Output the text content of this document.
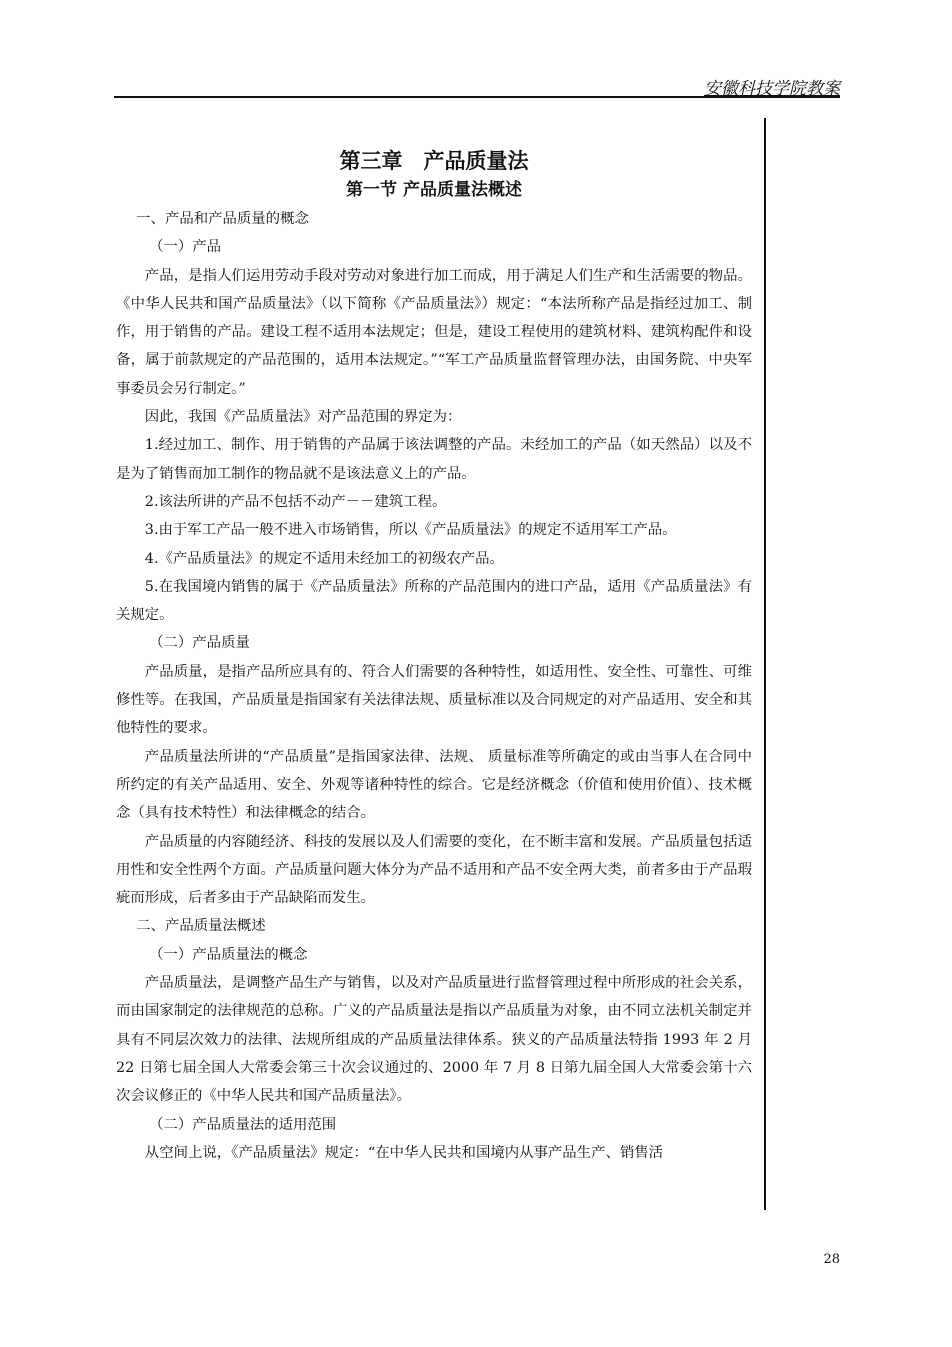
安徽科技学院教案
第三章　产品质量法
第一节 产品质量法概述

一、产品和产品质量的概念

（一）产品

产品，是指人们运用劳动手段对劳动对象进行加工而成，用于满足人们生产和生活需要的物品。《中华人民共和国产品质量法》（以下简称《产品质量法》）规定：“本法所称产品是指经过加工、制作，用于销售的产品。建设工程不适用本法规定；但是，建设工程使用的建筑材料、建筑构配件和设备，属于前款规定的产品范围的，适用本法规定。”“军工产品质量监督管理办法，由国务院、中央军事委员会另行制定。”

因此，我国《产品质量法》对产品范围的界定为：

1.经过加工、制作、用于销售的产品属于该法调整的产品。未经加工的产品（如天然品）以及不是为了销售而加工制作的物品就不是该法意义上的产品。

2.该法所讲的产品不包括不动产－－建筑工程。

3.由于军工产品一般不进入市场销售，所以《产品质量法》的规定不适用军工产品。

4.《产品质量法》的规定不适用未经加工的初级农产品。

5.在我国境内销售的属于《产品质量法》所称的产品范围内的进口产品，适用《产品质量法》有关规定。

（二）产品质量

产品质量，是指产品所应具有的、符合人们需要的各种特性，如适用性、安全性、可靠性、可维修性等。在我国，产品质量是指国家有关法律法规、质量标准以及合同规定的对产品适用、安全和其他特性的要求。

产品质量法所讲的“产品质量”是指国家法律、法规、 质量标准等所确定的或由当事人在合同中所约定的有关产品适用、安全、外观等诸种特性的综合。它是经济概念（价值和使用价值）、技术概念（具有技术特性）和法律概念的结合。

产品质量的内容随经济、科技的发展以及人们需要的变化，在不断丰富和发展。产品质量包括适用性和安全性两个方面。产品质量问题大体分为产品不适用和产品不安全两大类，前者多由于产品瑕疵而形成，后者多由于产品缺陷而发生。

二、产品质量法概述

（一）产品质量法的概念

产品质量法，是调整产品生产与销售，以及对产品质量进行监督管理过程中所形成的社会关系，而由国家制定的法律规范的总称。广义的产品质量法是指以产品质量为对象，由不同立法机关制定并具有不同层次效力的法律、法规所组成的产品质量法律体系。狭义的产品质量法特指 1993 年 2 月 22 日第七届全国人大常委会第三十次会议通过的、2000 年 7 月 8 日第九届全国人大常委会第十六次会议修正的《中华人民共和国产品质量法》。

（二）产品质量法的适用范围

从空间上说，《产品质量法》规定：“在中华人民共和国境内从事产品生产、销售活

28
